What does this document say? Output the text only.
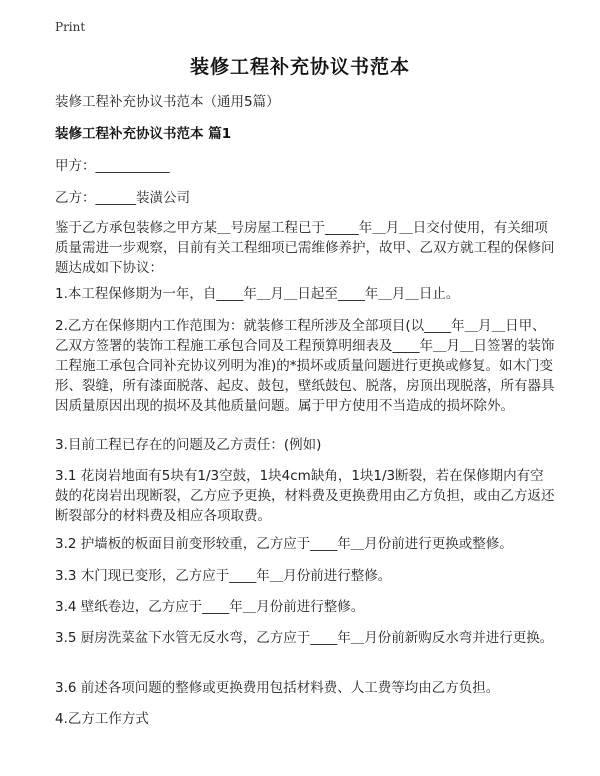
Print
装修工程补充协议书范本

装修工程补充协议书范本（通用5篇）

装修工程补充协议书范本 篇1

甲方：___________

乙方：______装潢公司

鉴于乙方承包装修之甲方某＿号房屋工程已于_____年＿月＿日交付使用，有关细项质量需进一步观察，目前有关工程细项已需维修养护，故甲、乙双方就工程的保修问题达成如下协议：

1.本工程保修期为一年，自____年＿月＿日起至____年＿月＿日止。

2.乙方在保修期内工作范围为：就装修工程所涉及全部项目(以____年＿月＿日甲、乙双方签署的装饰工程施工承包合同及工程预算明细表及____年＿月＿日签署的装饰工程施工承包合同补充协议列明为准)的*损坏或质量问题进行更换或修复。如木门变形、裂缝，所有漆面脱落、起皮、鼓包，壁纸鼓包、脱落，房顶出现脱落，所有器具因质量原因出现的损坏及其他质量问题。属于甲方使用不当造成的损坏除外。

3.目前工程已存在的问题及乙方责任：(例如)

3.1 花岗岩地面有5块有1/3空鼓，1块4cm缺角，1块1/3断裂，若在保修期内有空鼓的花岗岩出现断裂，乙方应予更换，材料费及更换费用由乙方负担，或由乙方返还断裂部分的材料费及相应各项取费。

3.2 护墙板的板面目前变形较重，乙方应于____年＿月份前进行更换或整修。

3.3 木门现已变形，乙方应于____年＿月份前进行整修。

3.4 壁纸卷边，乙方应于____年＿月份前进行整修。

3.5 厨房洗菜盆下水管无反水弯，乙方应于____年＿月份前新购反水弯并进行更换。

3.6 前述各项问题的整修或更换费用包括材料费、人工费等均由乙方负担。

4.乙方工作方式
